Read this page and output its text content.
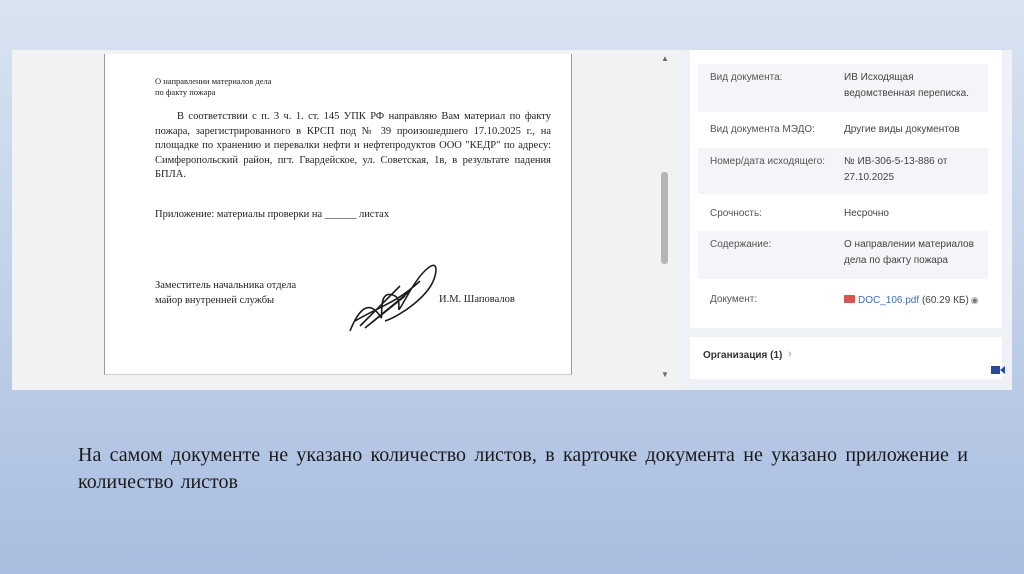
О направлении материалов дела
по факту пожара
В соответствии с п. 3 ч. 1. ст. 145 УПК РФ направляю Вам материал по факту пожара, зарегистрированного в КРСП под № 39 произошедшего 17.10.2025 г., на площадке по хранению и перевалки нефти и нефтепродуктов ООО "КЕДР" по адресу: Симферопольский район, пгт. Гвардейское, ул. Советская, 1в, в результате падения БПЛА.
Приложение: материалы проверки на ______ листах
Заместитель начальника отдела
майор внутренней службы	И.М. Шаповалов
▲
▼
Вид документа:	ИВ Исходящая ведомственная переписка.
Вид документа МЭДО:	Другие виды документов
Номер/дата исходящего:	№ ИВ-306-5-13-886 от 27.10.2025
Срочность:	Несрочно
Содержание:	О направлении материалов дела по факту пожара
Документ:	DOC_106.pdf (60.29 КБ) ◉
Организация (1) ›
На самом документе не указано количество листов, в карточке документа не указано приложение и количество листов
